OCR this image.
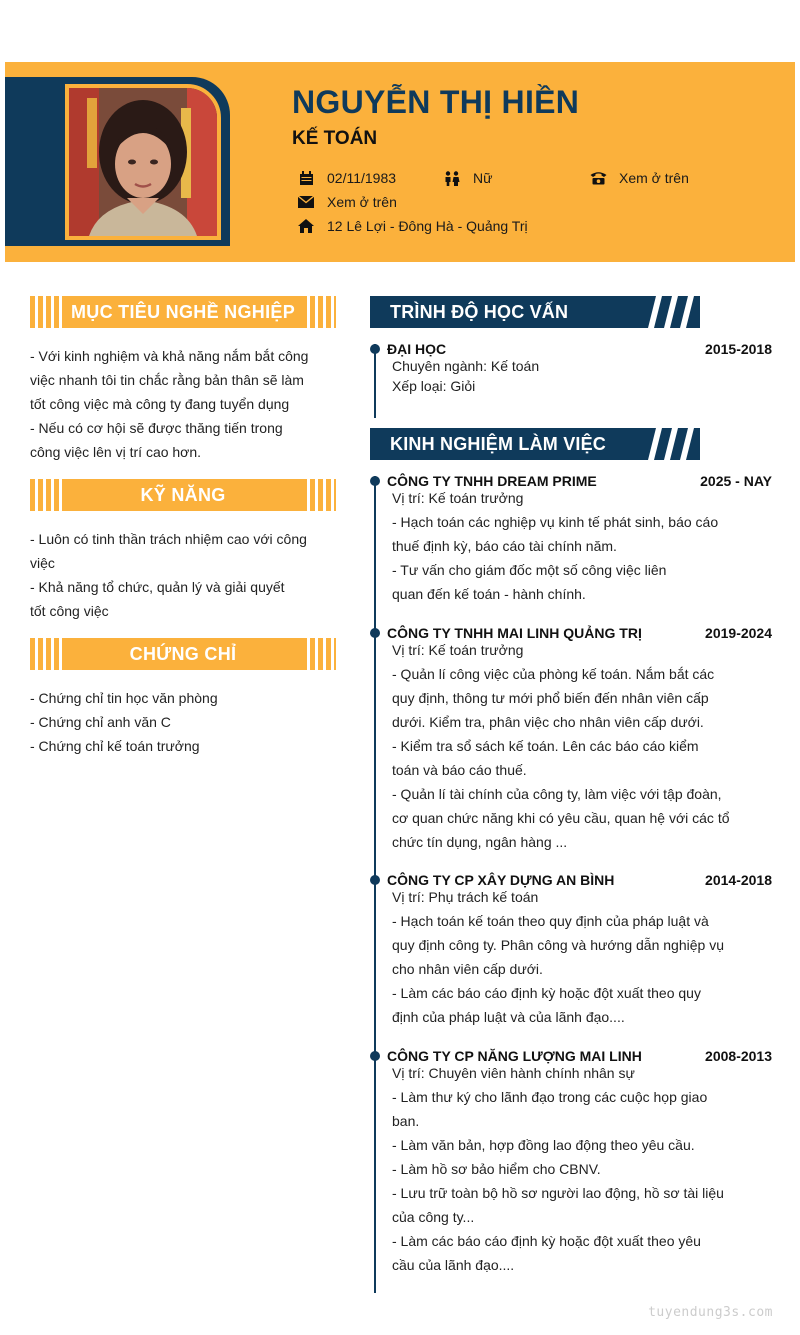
NGUYỄN THỊ HIỀN
KẾ TOÁN
02/11/1983	Nữ	Xem ở trên
Xem ở trên
12 Lê Lợi - Đông Hà - Quảng Trị
MỤC TIÊU NGHỀ NGHIỆP
- Với kinh nghiệm và khả năng nắm bắt công
việc nhanh tôi tin chắc rằng bản thân sẽ làm
tốt công việc mà công ty đang tuyển dụng
- Nếu có cơ hội sẽ được thăng tiến trong
công việc lên vị trí cao hơn.
KỸ NĂNG
- Luôn có tinh thần trách nhiệm cao với công
việc
- Khả năng tổ chức, quản lý và giải quyết
tốt công việc
CHỨNG CHỈ
- Chứng chỉ tin học văn phòng
- Chứng chỉ anh văn C
- Chứng chỉ kế toán trưởng
TRÌNH ĐỘ HỌC VẤN
ĐẠI HỌC	2015-2018
Chuyên ngành: Kế toán
Xếp loại: Giỏi
KINH NGHIỆM LÀM VIỆC
CÔNG TY TNHH DREAM PRIME	2025 - NAY
Vị trí: Kế toán trưởng
- Hạch toán các nghiệp vụ kinh tế phát sinh, báo cáo
thuế định kỳ, báo cáo tài chính năm.
- Tư vấn cho giám đốc một số công việc liên
quan đến kế toán - hành chính.
CÔNG TY TNHH MAI LINH QUẢNG TRỊ	2019-2024
Vị trí: Kế toán trưởng
- Quản lí công việc của phòng kế toán. Nắm bắt các
quy định, thông tư mới phổ biến đến nhân viên cấp
dưới. Kiểm tra, phân việc cho nhân viên cấp dưới.
- Kiểm tra sổ sách kế toán. Lên các báo cáo kiểm
toán và báo cáo thuế.
- Quản lí tài chính của công ty, làm việc với tập đoàn,
cơ quan chức năng khi có yêu cầu, quan hệ với các tổ
chức tín dụng, ngân hàng ...
CÔNG TY CP XÂY DỰNG AN BÌNH	2014-2018
Vị trí: Phụ trách kế toán
- Hạch toán kế toán theo quy định của pháp luật và
quy định công ty. Phân công và hướng dẫn nghiệp vụ
cho nhân viên cấp dưới.
- Làm các báo cáo định kỳ hoặc đột xuất theo quy
định của pháp luật và của lãnh đạo....
CÔNG TY CP NĂNG LƯỢNG MAI LINH	2008-2013
Vị trí: Chuyên viên hành chính nhân sự
- Làm thư ký cho lãnh đạo trong các cuộc họp giao
ban.
- Làm văn bản, hợp đồng lao động theo yêu cầu.
- Làm hồ sơ bảo hiểm cho CBNV.
- Lưu trữ toàn bộ hồ sơ người lao động, hồ sơ tài liệu
của công ty...
- Làm các báo cáo định kỳ hoặc đột xuất theo yêu
cầu của lãnh đạo....
tuyendung3s.com
